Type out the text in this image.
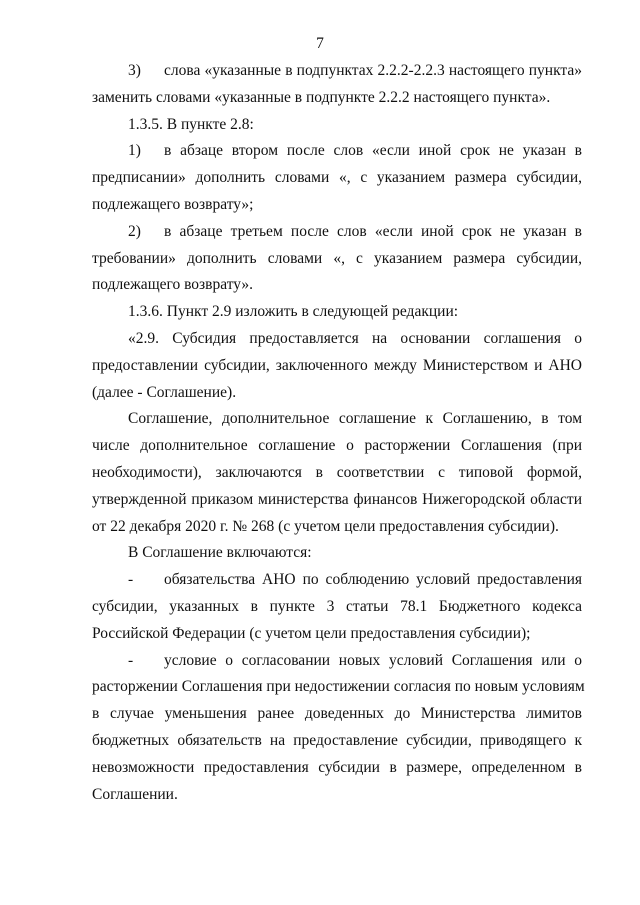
7
3) слова «указанные в подпунктах 2.2.2-2.2.3 настоящего пункта»
заменить словами «указанные в подпункте 2.2.2 настоящего пункта».
1.3.5. В пункте 2.8:
1) в абзаце втором после слов «если иной срок не указан в
предписании» дополнить словами «, с указанием размера субсидии,
подлежащего возврату»;
2) в абзаце третьем после слов «если иной срок не указан в
требовании» дополнить словами «, с указанием размера субсидии,
подлежащего возврату».
1.3.6. Пункт 2.9 изложить в следующей редакции:
«2.9. Субсидия предоставляется на основании соглашения о
предоставлении субсидии, заключенного между Министерством и АНО
(далее - Соглашение).
Соглашение, дополнительное соглашение к Соглашению, в том
числе дополнительное соглашение о расторжении Соглашения (при
необходимости), заключаются в соответствии с типовой формой,
утвержденной приказом министерства финансов Нижегородской области
от 22 декабря 2020 г. № 268 (с учетом цели предоставления субсидии).
В Соглашение включаются:
- обязательства АНО по соблюдению условий предоставления
субсидии, указанных в пункте 3 статьи 78.1 Бюджетного кодекса
Российской Федерации (с учетом цели предоставления субсидии);
- условие о согласовании новых условий Соглашения или о
расторжении Соглашения при недостижении согласия по новым условиям
в случае уменьшения ранее доведенных до Министерства лимитов
бюджетных обязательств на предоставление субсидии, приводящего к
невозможности предоставления субсидии в размере, определенном в
Соглашении.
